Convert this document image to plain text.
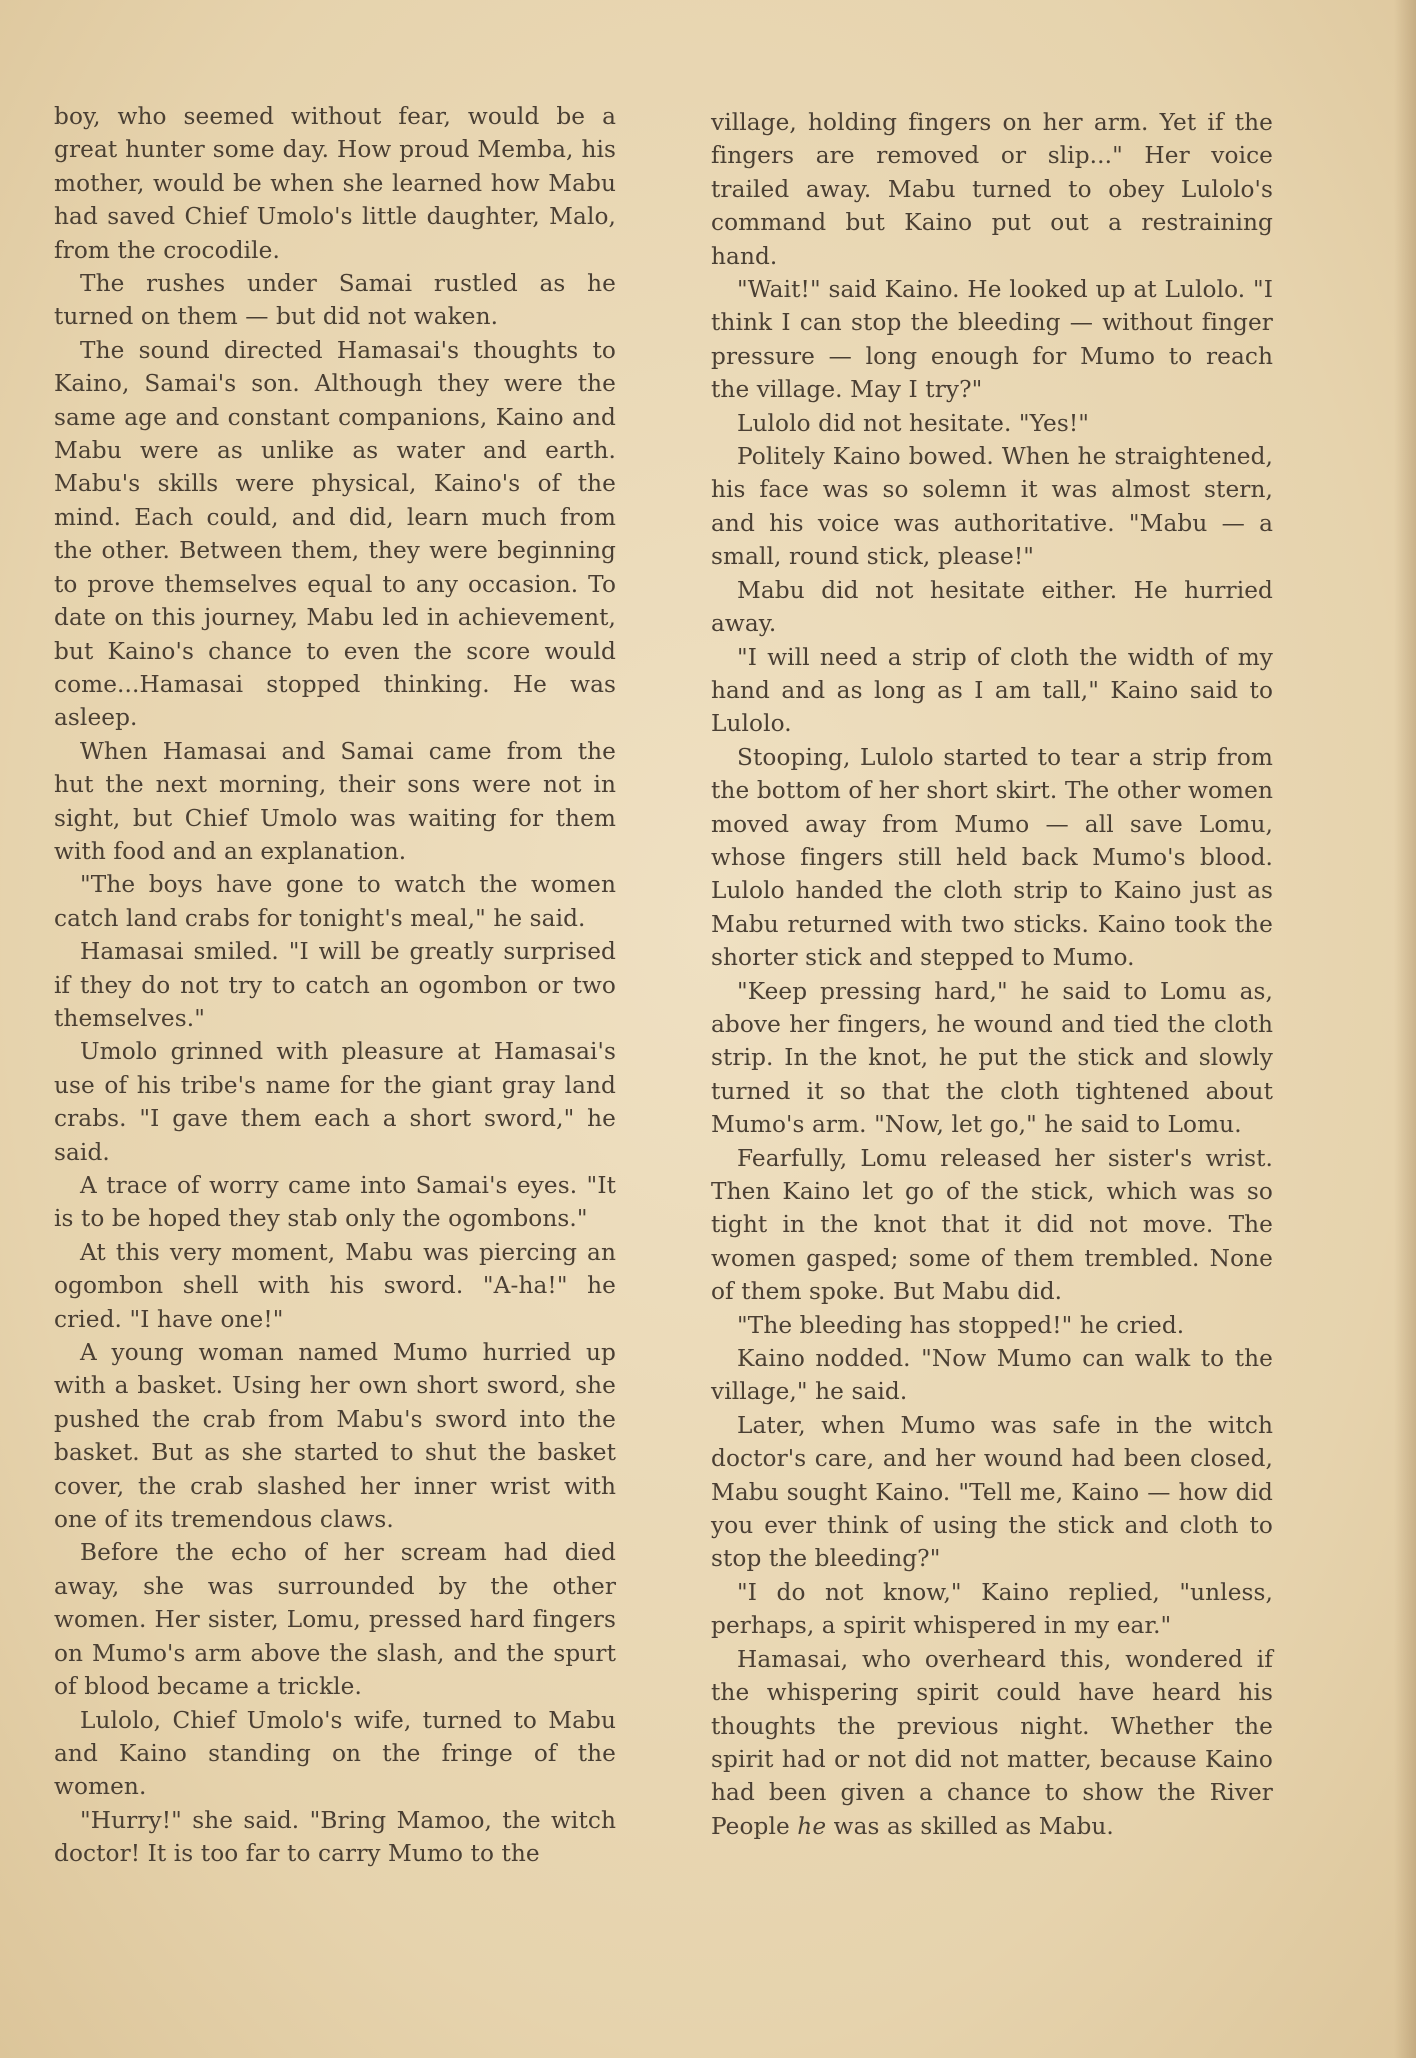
boy, who seemed without fear, would be a great hunter some day. How proud Memba, his mother, would be when she learned how Mabu had saved Chief Umolo's little daughter, Malo, from the crocodile.

The rushes under Samai rustled as he turned on them — but did not waken.

The sound directed Hamasai's thoughts to Kaino, Samai's son. Although they were the same age and constant companions, Kaino and Mabu were as unlike as water and earth. Mabu's skills were physical, Kaino's of the mind. Each could, and did, learn much from the other. Between them, they were beginning to prove themselves equal to any occasion. To date on this journey, Mabu led in achievement, but Kaino's chance to even the score would come...Hamasai stopped thinking. He was asleep.

When Hamasai and Samai came from the hut the next morning, their sons were not in sight, but Chief Umolo was waiting for them with food and an explanation.

"The boys have gone to watch the women catch land crabs for tonight's meal," he said.

Hamasai smiled. "I will be greatly surprised if they do not try to catch an ogombon or two themselves."

Umolo grinned with pleasure at Hamasai's use of his tribe's name for the giant gray land crabs. "I gave them each a short sword," he said.

A trace of worry came into Samai's eyes. "It is to be hoped they stab only the ogombons."

At this very moment, Mabu was piercing an ogombon shell with his sword. "A-ha!" he cried. "I have one!"

A young woman named Mumo hurried up with a basket. Using her own short sword, she pushed the crab from Mabu's sword into the basket. But as she started to shut the basket cover, the crab slashed her inner wrist with one of its tremendous claws.

Before the echo of her scream had died away, she was surrounded by the other women. Her sister, Lomu, pressed hard fingers on Mumo's arm above the slash, and the spurt of blood became a trickle.

Lulolo, Chief Umolo's wife, turned to Mabu and Kaino standing on the fringe of the women.

"Hurry!" she said. "Bring Mamoo, the witch doctor! It is too far to carry Mumo to the

village, holding fingers on her arm. Yet if the fingers are removed or slip..." Her voice trailed away. Mabu turned to obey Lulolo's command but Kaino put out a restraining hand.

"Wait!" said Kaino. He looked up at Lulolo. "I think I can stop the bleeding — without finger pressure — long enough for Mumo to reach the village. May I try?"

Lulolo did not hesitate. "Yes!"

Politely Kaino bowed. When he straightened, his face was so solemn it was almost stern, and his voice was authoritative. "Mabu — a small, round stick, please!"

Mabu did not hesitate either. He hurried away.

"I will need a strip of cloth the width of my hand and as long as I am tall," Kaino said to Lulolo.

Stooping, Lulolo started to tear a strip from the bottom of her short skirt. The other women moved away from Mumo — all save Lomu, whose fingers still held back Mumo's blood. Lulolo handed the cloth strip to Kaino just as Mabu returned with two sticks. Kaino took the shorter stick and stepped to Mumo.

"Keep pressing hard," he said to Lomu as, above her fingers, he wound and tied the cloth strip. In the knot, he put the stick and slowly turned it so that the cloth tightened about Mumo's arm. "Now, let go," he said to Lomu.

Fearfully, Lomu released her sister's wrist. Then Kaino let go of the stick, which was so tight in the knot that it did not move. The women gasped; some of them trembled. None of them spoke. But Mabu did.

"The bleeding has stopped!" he cried.

Kaino nodded. "Now Mumo can walk to the village," he said.

Later, when Mumo was safe in the witch doctor's care, and her wound had been closed, Mabu sought Kaino. "Tell me, Kaino — how did you ever think of using the stick and cloth to stop the bleeding?"

"I do not know," Kaino replied, "unless, perhaps, a spirit whispered in my ear."

Hamasai, who overheard this, wondered if the whispering spirit could have heard his thoughts the previous night. Whether the spirit had or not did not matter, because Kaino had been given a chance to show the River People he was as skilled as Mabu.
